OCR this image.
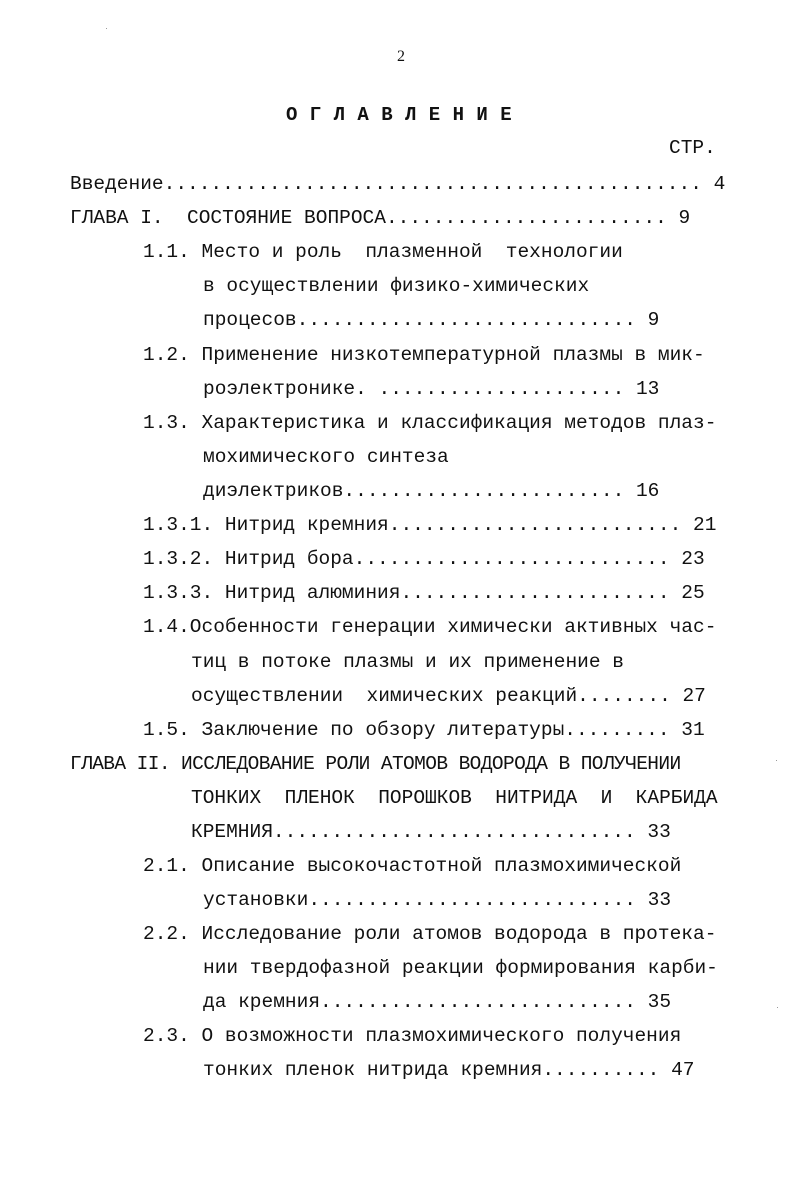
2
ОГЛАВЛЕНИЕ
СТР.
Введение.............................................. 4
ГЛАВА I.  СОСТОЯНИЕ ВОПРОСА........................ 9
1.1. Место и роль  плазменной  технологии
в осуществлении физико-химических
процесов............................. 9
1.2. Применение низкотемпературной плазмы в мик-
роэлектронике. ..................... 13
1.3. Характеристика и классификация методов плаз-
мохимического синтеза
диэлектриков........................ 16
1.3.1. Нитрид кремния......................... 21
1.3.2. Нитрид бора........................... 23
1.3.3. Нитрид алюминия....................... 25
1.4.Особенности генерации химически активных час-
тиц в потоке плазмы и их применение в
осуществлении  химических реакций........ 27
1.5. Заключение по обзору литературы......... 31
ГЛАВА II. ИССЛЕДОВАНИЕ РОЛИ АТОМОВ ВОДОРОДА В ПОЛУЧЕНИИ
ТОНКИХ  ПЛЕНОК  ПОРОШКОВ  НИТРИДА  И  КАРБИДА
КРЕМНИЯ............................... 33
2.1. Описание высокочастотной плазмохимической
установки............................ 33
2.2. Исследование роли атомов водорода в протека-
нии твердофазной реакции формирования карби-
да кремния........................... 35
2.3. О возможности плазмохимического получения
тонких пленок нитрида кремния.......... 47
